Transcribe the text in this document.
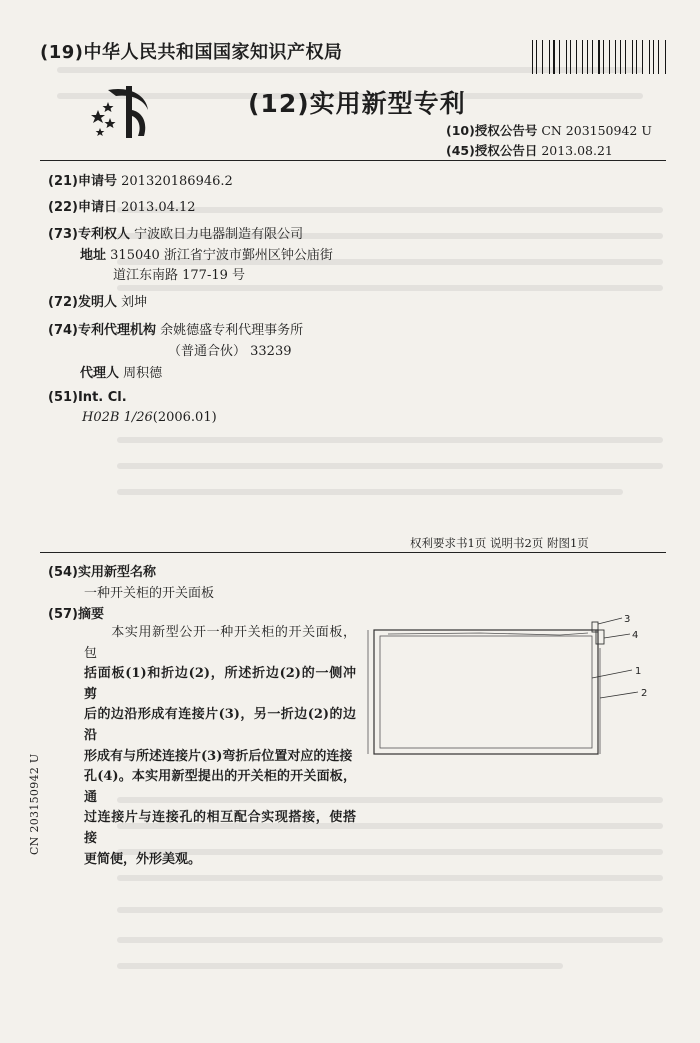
(19)中华人民共和国国家知识产权局
(12)实用新型专利
(10)授权公告号 CN 203150942 U
(45)授权公告日 2013.08.21
(21)申请号 201320186946.2
(22)申请日 2013.04.12
(73)专利权人 宁波欧日力电器制造有限公司
地址 315040 浙江省宁波市鄞州区钟公庙街
道江东南路 177-19 号
(72)发明人 刘坤
(74)专利代理机构 余姚德盛专利代理事务所
（普通合伙） 33239
代理人 周积德
(51)Int. Cl.
H02B 1/26(2006.01)
权利要求书1页 说明书2页 附图1页
(54)实用新型名称
一种开关柜的开关面板
(57)摘要

　　本实用新型公开一种开关柜的开关面板，包

括面板(1)和折边(2)，所述折边(2)的一侧冲剪

后的边沿形成有连接片(3)，另一折边(2)的边沿

形成有与所述连接片(3)弯折后位置对应的连接

孔(4)。本实用新型提出的开关柜的开关面板，通

过连接片与连接孔的相互配合实现搭接，使搭接

更简便，外形美观。

3
4
1
2
CN 203150942 U
